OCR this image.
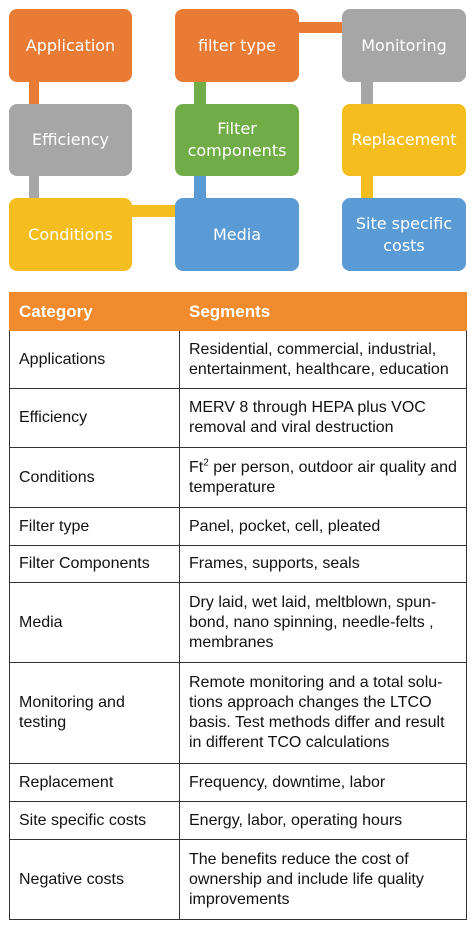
Application	filter type	Monitoring
Efficiency
Filter components
Replacement
Conditions	Media
Site specific costs
Category	Segments
Applications	Residential, commercial, industrial, entertainment, healthcare, education
Efficiency	MERV 8 through HEPA plus VOC removal and viral destruction
Conditions	Ft$^2$ per person, outdoor air quality and temperature
Filter type	Panel, pocket, cell, pleated
Filter Components	Frames, supports, seals
Media	Dry laid, wet laid, meltblown, spun-bond, nano spinning, needle-felts , membranes
Monitoring and testing	Remote monitoring and a total solu-tions approach changes the LTCO basis. Test methods differ and result in different TCO calculations
Replacement	Frequency, downtime, labor
Site specific costs	Energy, labor, operating hours
Negative costs	The benefits reduce the cost of ownership and include life quality improvements
